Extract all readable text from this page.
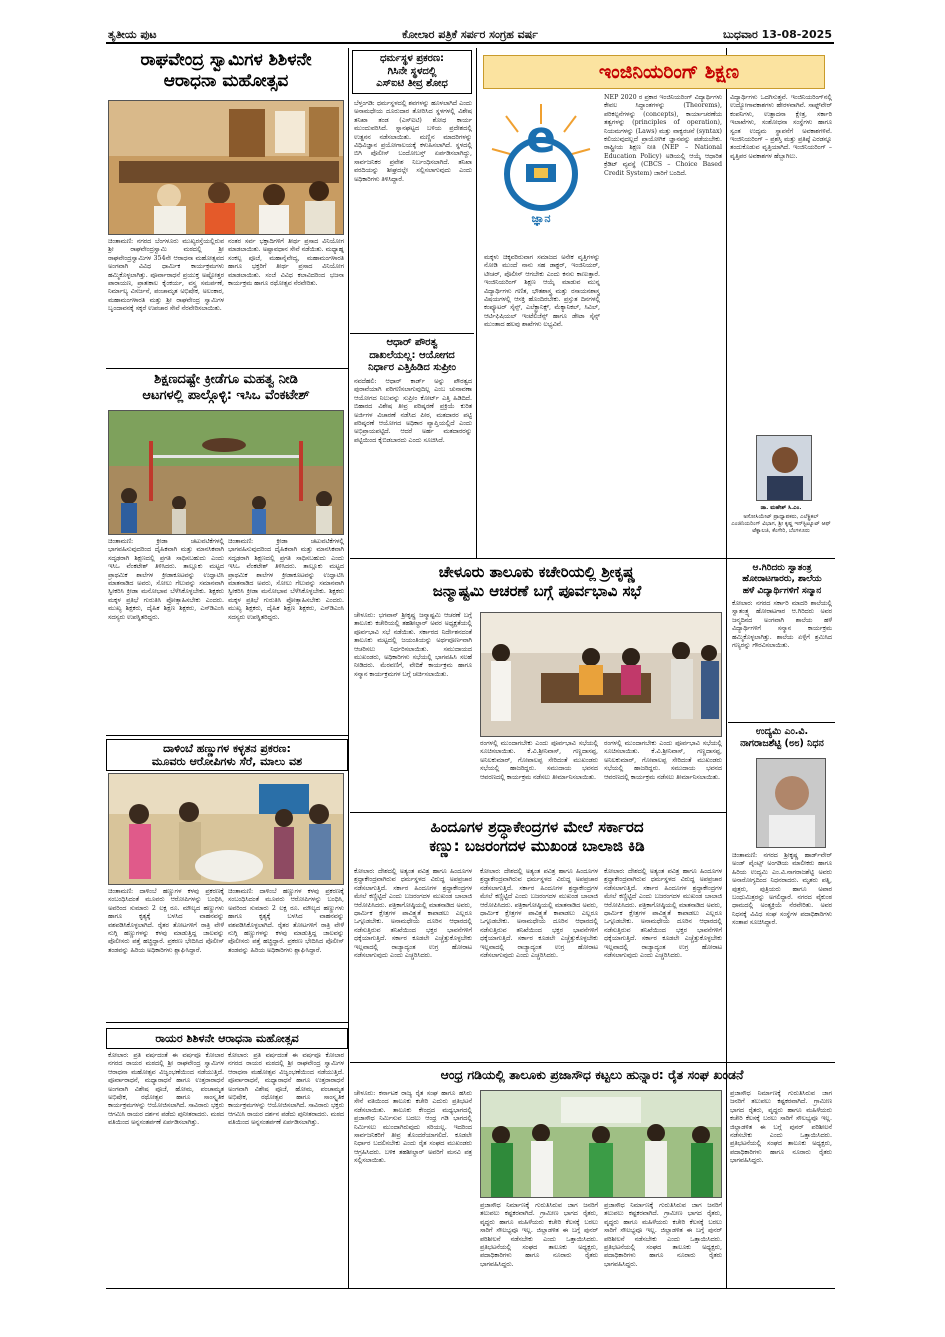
ತೃತೀಯ ಪುಟ	ಕೋಲಾರ ಪತ್ರಿಕೆ ಸರ್ಪರ ಸಂಗ್ರಹ ವರ್ಷ	ಬುಧವಾರ 13-08-2025
ರಾಘವೇಂದ್ರ ಸ್ವಾಮಿಗಳ ಶಿಶಿಳನೇ
ಆರಾಧನಾ ಮಹೋತ್ಸವ
ಚಿಂತಾಮಣಿ: ನಗರದ ಬೆಂಗಳೂರು ಮುಖ್ಯರಸ್ತೆಯಲ್ಲಿರುವ ಶ್ರೀ ರಾಘವೇಂದ್ರಸ್ವಾಮಿ ಮಠದಲ್ಲಿ ಶ್ರೀ ರಾಘವೇಂದ್ರಸ್ವಾಮಿಗಳ 354ನೇ ಆರಾಧನಾ ಮಹೋತ್ಸವದ ಅಂಗವಾಗಿ ವಿವಿಧ ಧಾರ್ಮಿಕ ಕಾರ್ಯಕ್ರಮಗಳು ಹಮ್ಮಿಕೊಳ್ಳಲಾಗಿತ್ತು. ಪೂರ್ವಾರಾಧನೆ ಪ್ರಯುಕ್ತ ಅಷ್ಟೋತ್ತರ ಪಾರಾಯಣ, ಪ್ರಾತಃಕಾಲ ಕೈಂಕರ್ಯ, ವಸ್ತ್ರ ಸಮರ್ಪಣೆ, ನಿರ್ಮಾಲ್ಯ ವಿಸರ್ಜನೆ, ಪಂಚಾಮೃತ ಅಭಿಷೇಕ, ಅಲಂಕಾರ, ಮಹಾಮಂಗಳಾರತಿ ಮತ್ತು ಶ್ರೀ ರಾಘವೇಂದ್ರ ಸ್ವಾಮಿಗಳ ಬೃಂದಾವನಕ್ಕೆ ಸಕ್ಕರೆ ಉಪಚಾರ ಸೇವೆ ನೆರವೇರಿಸಲಾಯಿತು.
ನಂತರ ಸರ್ವ ಭಕ್ತಾದಿಗಳಿಗೆ ತೀರ್ಥ ಪ್ರಸಾದ ವಿನಿಯೋಗ ಮಾಡಲಾಯಿತು. ಅಷ್ಟಾವಧಾನ ಸೇವೆ ನಡೆಯಿತು. ಮಧ್ಯಾಹ್ನ ಸಂಕಲ್ಪ ಪೂಜೆ, ಮಹಾನೈವೇದ್ಯ, ಮಹಾಮಂಗಳಾರತಿ ಹಾಗೂ ಭಕ್ತರಿಗೆ ತೀರ್ಥ ಪ್ರಸಾದ ವಿನಿಯೋಗ ಮಾಡಲಾಯಿತು. ಸಂಜೆ ವಿವಿಧ ಕಲಾವಿದರಿಂದ ಭಜನಾ ಕಾರ್ಯಕ್ರಮ ಹಾಗೂ ರಥೋತ್ಸವ ನೆರವೇರಿತು.
ಶಿಕ್ಷಣದಷ್ಟೇ ಕ್ರೀಡೆಗೂ ಮಹತ್ವ ನೀಡಿ
ಆಟಗಳಲ್ಲಿ ಪಾಲ್ಗೊಳ್ಳಿ: ಇಸಿಒ ವೆಂಕಟೇಶ್
ಚಿಂತಾಮಣಿ: ಕ್ರೀಡಾ ಚಟುವಟಿಕೆಗಳಲ್ಲಿ ಭಾಗವಹಿಸುವುದರಿಂದ ದೈಹಿಕವಾಗಿ ಮತ್ತು ಮಾನಸಿಕವಾಗಿ ಸದೃಢರಾಗಿ ಶಿಕ್ಷಣದಲ್ಲಿ ಪ್ರಗತಿ ಸಾಧಿಸಬಹುದು ಎಂದು ಇಸಿಒ ವೆಂಕಟೇಶ್ ತಿಳಿಸಿದರು. ತಾಲ್ಲೂಕು ಮಟ್ಟದ ಪ್ರಾಥಮಿಕ ಶಾಲೆಗಳ ಕ್ರೀಡಾಕೂಟವನ್ನು ಉದ್ಘಾಟಿಸಿ ಮಾತನಾಡಿದ ಅವರು, ಸೋಲು ಗೆಲುವನ್ನು ಸಮಾನವಾಗಿ ಸ್ವೀಕರಿಸಿ ಕ್ರೀಡಾ ಮನೋಭಾವ ಬೆಳೆಸಿಕೊಳ್ಳಬೇಕು. ಶಿಕ್ಷಕರು ಮಕ್ಕಳ ಪ್ರತಿಭೆ ಗುರುತಿಸಿ ಪ್ರೋತ್ಸಾಹಿಸಬೇಕು ಎಂದರು. ಮುಖ್ಯ ಶಿಕ್ಷಕರು, ದೈಹಿಕ ಶಿಕ್ಷಣ ಶಿಕ್ಷಕರು, ಎಸ್‌ಡಿಎಂಸಿ ಸದಸ್ಯರು ಉಪಸ್ಥಿತರಿದ್ದರು.
ಚಿಂತಾಮಣಿ: ಕ್ರೀಡಾ ಚಟುವಟಿಕೆಗಳಲ್ಲಿ ಭಾಗವಹಿಸುವುದರಿಂದ ದೈಹಿಕವಾಗಿ ಮತ್ತು ಮಾನಸಿಕವಾಗಿ ಸದೃಢರಾಗಿ ಶಿಕ್ಷಣದಲ್ಲಿ ಪ್ರಗತಿ ಸಾಧಿಸಬಹುದು ಎಂದು ಇಸಿಒ ವೆಂಕಟೇಶ್ ತಿಳಿಸಿದರು. ತಾಲ್ಲೂಕು ಮಟ್ಟದ ಪ್ರಾಥಮಿಕ ಶಾಲೆಗಳ ಕ್ರೀಡಾಕೂಟವನ್ನು ಉದ್ಘಾಟಿಸಿ ಮಾತನಾಡಿದ ಅವರು, ಸೋಲು ಗೆಲುವನ್ನು ಸಮಾನವಾಗಿ ಸ್ವೀಕರಿಸಿ ಕ್ರೀಡಾ ಮನೋಭಾವ ಬೆಳೆಸಿಕೊಳ್ಳಬೇಕು. ಶಿಕ್ಷಕರು ಮಕ್ಕಳ ಪ್ರತಿಭೆ ಗುರುತಿಸಿ ಪ್ರೋತ್ಸಾಹಿಸಬೇಕು ಎಂದರು. ಮುಖ್ಯ ಶಿಕ್ಷಕರು, ದೈಹಿಕ ಶಿಕ್ಷಣ ಶಿಕ್ಷಕರು, ಎಸ್‌ಡಿಎಂಸಿ ಸದಸ್ಯರು ಉಪಸ್ಥಿತರಿದ್ದರು.
ದಾಳಿಂಬೆ ಹಣ್ಣುಗಳ ಕಳ್ಳತನ ಪ್ರಕರಣ:
ಮೂವರು ಆರೋಪಿಗಳು ಸೆರೆ, ಮಾಲು ವಶ
ಚಿಂತಾಮಣಿ: ದಾಳಿಂಬೆ ಹಣ್ಣುಗಳ ಕಳವು ಪ್ರಕರಣಕ್ಕೆ ಸಂಬಂಧಿಸಿದಂತೆ ಮೂವರು ಆರೋಪಿಗಳನ್ನು ಬಂಧಿಸಿ, ಅವರಿಂದ ಸುಮಾರು 2 ಲಕ್ಷ ರೂ. ಮೌಲ್ಯದ ಹಣ್ಣುಗಳು ಹಾಗೂ ಕೃತ್ಯಕ್ಕೆ ಬಳಸಿದ ವಾಹನವನ್ನು ವಶಪಡಿಸಿಕೊಳ್ಳಲಾಗಿದೆ. ರೈತರ ತೋಟಗಳಿಗೆ ರಾತ್ರಿ ವೇಳೆ ನುಗ್ಗಿ ಹಣ್ಣುಗಳನ್ನು ಕಳವು ಮಾಡುತ್ತಿದ್ದ ಜಾಲವನ್ನು ಪೊಲೀಸರು ಪತ್ತೆ ಹಚ್ಚಿದ್ದಾರೆ. ಪ್ರಕರಣ ಭೇದಿಸಿದ ಪೊಲೀಸ್ ತಂಡವನ್ನು ಹಿರಿಯ ಅಧಿಕಾರಿಗಳು ಶ್ಲಾಘಿಸಿದ್ದಾರೆ.
ಚಿಂತಾಮಣಿ: ದಾಳಿಂಬೆ ಹಣ್ಣುಗಳ ಕಳವು ಪ್ರಕರಣಕ್ಕೆ ಸಂಬಂಧಿಸಿದಂತೆ ಮೂವರು ಆರೋಪಿಗಳನ್ನು ಬಂಧಿಸಿ, ಅವರಿಂದ ಸುಮಾರು 2 ಲಕ್ಷ ರೂ. ಮೌಲ್ಯದ ಹಣ್ಣುಗಳು ಹಾಗೂ ಕೃತ್ಯಕ್ಕೆ ಬಳಸಿದ ವಾಹನವನ್ನು ವಶಪಡಿಸಿಕೊಳ್ಳಲಾಗಿದೆ. ರೈತರ ತೋಟಗಳಿಗೆ ರಾತ್ರಿ ವೇಳೆ ನುಗ್ಗಿ ಹಣ್ಣುಗಳನ್ನು ಕಳವು ಮಾಡುತ್ತಿದ್ದ ಜಾಲವನ್ನು ಪೊಲೀಸರು ಪತ್ತೆ ಹಚ್ಚಿದ್ದಾರೆ. ಪ್ರಕರಣ ಭೇದಿಸಿದ ಪೊಲೀಸ್ ತಂಡವನ್ನು ಹಿರಿಯ ಅಧಿಕಾರಿಗಳು ಶ್ಲಾಘಿಸಿದ್ದಾರೆ.
ರಾಯರ ಶಿಶಿಳನೇ ಆರಾಧನಾ ಮಹೋತ್ಸವ
ಕೋಲಾರ: ಪ್ರತಿ ವರ್ಷದಂತೆ ಈ ವರ್ಷವೂ ಕೋಲಾರ ನಗರದ ರಾಯರ ಮಠದಲ್ಲಿ ಶ್ರೀ ರಾಘವೇಂದ್ರ ಸ್ವಾಮಿಗಳ ಆರಾಧನಾ ಮಹೋತ್ಸವ ವಿಜೃಂಭಣೆಯಿಂದ ನಡೆಯುತ್ತಿದೆ. ಪೂರ್ವಾರಾಧನೆ, ಮಧ್ಯಾರಾಧನೆ ಹಾಗೂ ಉತ್ತರಾರಾಧನೆ ಅಂಗವಾಗಿ ವಿಶೇಷ ಪೂಜೆ, ಹೋಮ, ಪಂಚಾಮೃತ ಅಭಿಷೇಕ, ರಥೋತ್ಸವ ಹಾಗೂ ಸಾಂಸ್ಕೃತಿಕ ಕಾರ್ಯಕ್ರಮಗಳನ್ನು ಆಯೋಜಿಸಲಾಗಿದೆ. ಸಾವಿರಾರು ಭಕ್ತರು ಆಗಮಿಸಿ ರಾಯರ ದರ್ಶನ ಪಡೆದು ಪುನೀತರಾದರು. ಮಠದ ವತಿಯಿಂದ ಅನ್ನಸಂತರ್ಪಣೆ ಏರ್ಪಡಿಸಲಾಗಿತ್ತು.
ಕೋಲಾರ: ಪ್ರತಿ ವರ್ಷದಂತೆ ಈ ವರ್ಷವೂ ಕೋಲಾರ ನಗರದ ರಾಯರ ಮಠದಲ್ಲಿ ಶ್ರೀ ರಾಘವೇಂದ್ರ ಸ್ವಾಮಿಗಳ ಆರಾಧನಾ ಮಹೋತ್ಸವ ವಿಜೃಂಭಣೆಯಿಂದ ನಡೆಯುತ್ತಿದೆ. ಪೂರ್ವಾರಾಧನೆ, ಮಧ್ಯಾರಾಧನೆ ಹಾಗೂ ಉತ್ತರಾರಾಧನೆ ಅಂಗವಾಗಿ ವಿಶೇಷ ಪೂಜೆ, ಹೋಮ, ಪಂಚಾಮೃತ ಅಭಿಷೇಕ, ರಥೋತ್ಸವ ಹಾಗೂ ಸಾಂಸ್ಕೃತಿಕ ಕಾರ್ಯಕ್ರಮಗಳನ್ನು ಆಯೋಜಿಸಲಾಗಿದೆ. ಸಾವಿರಾರು ಭಕ್ತರು ಆಗಮಿಸಿ ರಾಯರ ದರ್ಶನ ಪಡೆದು ಪುನೀತರಾದರು. ಮಠದ ವತಿಯಿಂದ ಅನ್ನಸಂತರ್ಪಣೆ ಏರ್ಪಡಿಸಲಾಗಿತ್ತು.
ಧರ್ಮಸ್ಥಳ ಪ್ರಕರಣ:
ಗಿಸಿನೇ ಸ್ಥಳದಲ್ಲಿ
ಎಸ್‌ಐಟಿ ತೀವ್ರ ಶೋಧ
ಬೆಳ್ತಂಗಡಿ: ಧರ್ಮಸ್ಥಳದಲ್ಲಿ ಶವಗಳನ್ನು ಹೂಳಲಾಗಿದೆ ಎಂದು ಅನಾಮಧೇಯ ದೂರುದಾರ ತೋರಿಸಿದ ಸ್ಥಳಗಳಲ್ಲಿ ವಿಶೇಷ ತನಿಖಾ ತಂಡ (ಎಸ್‌ಐಟಿ) ಶೋಧ ಕಾರ್ಯ ಮುಂದುವರಿಸಿದೆ. ಸ್ನಾನಘಟ್ಟದ ಬಳಿಯ ಪ್ರದೇಶದಲ್ಲಿ ಉತ್ಖನನ ನಡೆಸಲಾಯಿತು. ಮಣ್ಣಿನ ಮಾದರಿಗಳನ್ನು ವಿಧಿವಿಜ್ಞಾನ ಪ್ರಯೋಗಾಲಯಕ್ಕೆ ಕಳುಹಿಸಲಾಗಿದೆ. ಸ್ಥಳದಲ್ಲಿ ಬಿಗಿ ಪೊಲೀಸ್ ಬಂದೋಬಸ್ತ್ ಏರ್ಪಡಿಸಲಾಗಿದ್ದು, ಸಾರ್ವಜನಿಕರ ಪ್ರವೇಶ ನಿರ್ಬಂಧಿಸಲಾಗಿದೆ. ತನಿಖಾ ವರದಿಯನ್ನು ಶೀಘ್ರದಲ್ಲೇ ಸಲ್ಲಿಸಲಾಗುವುದು ಎಂದು ಅಧಿಕಾರಿಗಳು ತಿಳಿಸಿದ್ದಾರೆ.
ಆಧಾರ್ ಪೌರತ್ವ
ದಾಖಲೆಯಲ್ಲ: ಆಯೋಗದ
ನಿರ್ಧಾರ ಎತ್ತಿಹಿಡಿದ ಸುಪ್ರೀಂ
ನವದೆಹಲಿ: ಆಧಾರ್ ಕಾರ್ಡ್ ಅನ್ನು ಪೌರತ್ವದ ಪುರಾವೆಯಾಗಿ ಪರಿಗಣಿಸಲಾಗುವುದಿಲ್ಲ ಎಂಬ ಚುನಾವಣಾ ಆಯೋಗದ ನಿಲುವನ್ನು ಸುಪ್ರೀಂ ಕೋರ್ಟ್ ಎತ್ತಿ ಹಿಡಿದಿದೆ. ಬಿಹಾರದ ವಿಶೇಷ ತೀವ್ರ ಪರಿಷ್ಕರಣೆ ಪ್ರಕ್ರಿಯೆ ಕುರಿತ ಅರ್ಜಿಗಳ ವಿಚಾರಣೆ ನಡೆಸಿದ ಪೀಠ, ಮತದಾರರ ಪಟ್ಟಿ ಪರಿಷ್ಕರಣೆ ಆಯೋಗದ ಅಧಿಕಾರ ವ್ಯಾಪ್ತಿಯಲ್ಲಿದೆ ಎಂದು ಅಭಿಪ್ರಾಯಪಟ್ಟಿದೆ. ಆದರೆ ಅರ್ಹ ಮತದಾರರನ್ನು ಪಟ್ಟಿಯಿಂದ ಕೈಬಿಡಬಾರದು ಎಂದು ಸೂಚಿಸಿದೆ.
ಇಂಜಿನಿಯರಿಂಗ್ ಶಿಕ್ಷಣ
e
ಜ್ಞಾನ
ಮಕ್ಕಳು ಚಿಕ್ಕವರಿರುವಾಗ ಸಮಾಜದ ಅನೇಕ ವೃತ್ತಿಗಳನ್ನು ನೋಡಿ ಮುಂದೆ ನಾನು ಸಹ ಡಾಕ್ಟರ್, ಇಂಜಿನಿಯರ್, ಟೀಚರ್, ಪೊಲೀಸ್ ಆಗಬೇಕು ಎಂದು ಕನಸು ಕಾಣುತ್ತಾರೆ. ಇಂಜಿನಿಯರಿಂಗ್ ಶಿಕ್ಷಣ ಆಯ್ಕೆ ಮಾಡುವ ಮುನ್ನ ವಿದ್ಯಾರ್ಥಿಗಳು ಗಣಿತ, ಭೌತಶಾಸ್ತ್ರ ಮತ್ತು ರಸಾಯನಶಾಸ್ತ್ರ ವಿಷಯಗಳಲ್ಲಿ ಆಸಕ್ತಿ ಹೊಂದಿರಬೇಕು. ಪ್ರಸ್ತುತ ದಿನಗಳಲ್ಲಿ ಕಂಪ್ಯೂಟರ್ ಸೈನ್ಸ್, ಎಲೆಕ್ಟ್ರಾನಿಕ್ಸ್, ಮೆಕ್ಯಾನಿಕಲ್, ಸಿವಿಲ್, ಆರ್ಟಿಫಿಷಿಯಲ್ ಇಂಟೆಲಿಜೆನ್ಸ್ ಹಾಗೂ ಡೇಟಾ ಸೈನ್ಸ್ ಮುಂತಾದ ಹಲವು ಶಾಖೆಗಳು ಲಭ್ಯವಿವೆ.
NEP 2020 ರ ಪ್ರಕಾರ ಇಂಜಿನಿಯರಿಂಗ್ ವಿದ್ಯಾರ್ಥಿಗಳು ಕೇವಲ ಸಿದ್ಧಾಂತಗಳನ್ನು (Theorems), ಪರಿಕಲ್ಪನೆಗಳನ್ನು (concepts), ಕಾರ್ಯಾಚರಣೆಯ ತತ್ವಗಳನ್ನು (principles of operation), ನಿಯಮಗಳನ್ನು (Laws) ಮತ್ತು ವಾಕ್ಯರಚನೆ (syntax) ಕಲಿಯುವುದಲ್ಲದೆ ಪ್ರಾಯೋಗಿಕ ಜ್ಞಾನವನ್ನು ಪಡೆಯಬೇಕು. ರಾಷ್ಟ್ರೀಯ ಶಿಕ್ಷಣ ನೀತಿ (NEP – National Education Policy) ಅಡಿಯಲ್ಲಿ ಆಯ್ಕೆ ಆಧಾರಿತ ಕ್ರೆಡಿಟ್ ವ್ಯವಸ್ಥೆ (CBCS – Choice Based Credit System) ಜಾರಿಗೆ ಬಂದಿದೆ.
ವಿದ್ಯಾರ್ಥಿಗಳು ಒದಗಿಸುತ್ತವೆ. ಇಂಜಿನಿಯರಿಂಗ್‌ನಲ್ಲಿ ಉದ್ಯೋಗಾವಕಾಶಗಳು ಹೇರಳವಾಗಿವೆ. ಸಾಫ್ಟ್‌ವೇರ್ ಕಂಪನಿಗಳು, ಉತ್ಪಾದನಾ ಕ್ಷೇತ್ರ, ಸರ್ಕಾರಿ ಇಲಾಖೆಗಳು, ಸಂಶೋಧನಾ ಸಂಸ್ಥೆಗಳು ಹಾಗೂ ಸ್ವಂತ ಉದ್ಯಮ ಸ್ಥಾಪನೆಗೆ ಅವಕಾಶಗಳಿವೆ. ಇಂಜಿನಿಯರಿಂಗ್ – ಪ್ರಶಸ್ತಿ ಮತ್ತು ಪ್ರತಿಷ್ಠೆ ಎರಡನ್ನೂ ತಂದುಕೊಡುವ ವೃತ್ತಿಯಾಗಿದೆ. ಇಂಜಿನಿಯರಿಂಗ್ – ವೃತ್ತಿಪರ ಅವಕಾಶಗಳ ಹೆಬ್ಬಾಗಿಲು.
ಡಾ. ಮಹೇಶ್ ಸಿ.ಎಂ.
ಅಸೋಸಿಯೇಟ್ ಪ್ರಾಧ್ಯಾಪಕರು, ಎಲೆಕ್ಟ್ರಿಕಲ್ ಎಂಜಿನಿಯರಿಂಗ್ ವಿಭಾಗ, ಶ್ರೀ ಕೃಷ್ಣ ಇನ್‌ಸ್ಟಿಟ್ಯೂಟ್ ಆಫ್ ಟೆಕ್ನಾಲಜಿ, ಕೆಂಗೇರಿ, ಬೆಂಗಳೂರು
ಚೇಳೂರು ತಾಲೂಕು ಕಚೇರಿಯಲ್ಲಿ ಶ್ರೀಕೃಷ್ಣ
ಜನ್ಮಾಷ್ಟಮಿ ಆಚರಣೆ ಬಗ್ಗೆ ಪೂರ್ವಭಾವಿ ಸಭೆ
ಚೇಳೂರು: ಭಗವಾನ್ ಶ್ರೀಕೃಷ್ಣ ಜನ್ಮಾಷ್ಟಮಿ ಆಚರಣೆ ಬಗ್ಗೆ ತಾಲೂಕು ಕಚೇರಿಯಲ್ಲಿ ತಹಶೀಲ್ದಾರ್ ಅವರ ಅಧ್ಯಕ್ಷತೆಯಲ್ಲಿ ಪೂರ್ವಭಾವಿ ಸಭೆ ನಡೆಯಿತು. ಸರ್ಕಾರದ ನಿರ್ದೇಶನದಂತೆ ತಾಲೂಕು ಮಟ್ಟದಲ್ಲಿ ಜಯಂತಿಯನ್ನು ಅರ್ಥಪೂರ್ಣವಾಗಿ ಆಚರಿಸಲು ನಿರ್ಧರಿಸಲಾಯಿತು. ಸಮುದಾಯದ ಮುಖಂಡರು, ಅಧಿಕಾರಿಗಳು ಸಭೆಯಲ್ಲಿ ಭಾಗವಹಿಸಿ ಸಲಹೆ ನೀಡಿದರು. ಮೆರವಣಿಗೆ, ವೇದಿಕೆ ಕಾರ್ಯಕ್ರಮ ಹಾಗೂ ಸನ್ಮಾನ ಕಾರ್ಯಕ್ರಮಗಳ ಬಗ್ಗೆ ಚರ್ಚಿಸಲಾಯಿತು.
ರಂಗಳಲ್ಲಿ ಮುಂದಾಗಬೇಕು ಎಂದು ಪೂರ್ವಭಾವಿ ಸಭೆಯಲ್ಲಿ ಸೂಚಿಸಲಾಯಿತು. ಕೆ.ವಿ.ಶ್ರೀನಿವಾಸ್, ಗಣ್ಣದಾಸಪ್ಪ, ಅನಿಲಕುಮಾರ್, ಗೋಪಾಲಪ್ಪ ಸೇರಿದಂತೆ ಮುಖಂಡರು ಸಭೆಯಲ್ಲಿ ಹಾಜರಿದ್ದರು. ಸಮುದಾಯ ಭವನದ ಆವರಣದಲ್ಲಿ ಕಾರ್ಯಕ್ರಮ ನಡೆಸಲು ತೀರ್ಮಾನಿಸಲಾಯಿತು.
ರಂಗಳಲ್ಲಿ ಮುಂದಾಗಬೇಕು ಎಂದು ಪೂರ್ವಭಾವಿ ಸಭೆಯಲ್ಲಿ ಸೂಚಿಸಲಾಯಿತು. ಕೆ.ವಿ.ಶ್ರೀನಿವಾಸ್, ಗಣ್ಣದಾಸಪ್ಪ, ಅನಿಲಕುಮಾರ್, ಗೋಪಾಲಪ್ಪ ಸೇರಿದಂತೆ ಮುಖಂಡರು ಸಭೆಯಲ್ಲಿ ಹಾಜರಿದ್ದರು. ಸಮುದಾಯ ಭವನದ ಆವರಣದಲ್ಲಿ ಕಾರ್ಯಕ್ರಮ ನಡೆಸಲು ತೀರ್ಮಾನಿಸಲಾಯಿತು.
ಆ.ಗಿರಿದರು ಸ್ವಾತಂತ್ರ
ಹೋರಾಟಗಾರರು, ಶಾಲೆಯ
ಹಳೆ ವಿದ್ಯಾರ್ಥಿಗಳಿಗೆ ಸನ್ಮಾನ
ಕೋಲಾರ: ನಗರದ ಸರ್ಕಾರಿ ಮಾದರಿ ಶಾಲೆಯಲ್ಲಿ ಸ್ವಾತಂತ್ರ್ಯ ಹೋರಾಟಗಾರ ಆ.ಗಿರಿದರು ಅವರ ಜನ್ಮದಿನದ ಅಂಗವಾಗಿ ಶಾಲೆಯ ಹಳೆ ವಿದ್ಯಾರ್ಥಿಗಳಿಗೆ ಸನ್ಮಾನ ಕಾರ್ಯಕ್ರಮ ಹಮ್ಮಿಕೊಳ್ಳಲಾಗಿತ್ತು. ಶಾಲೆಯ ಏಳ್ಗೆಗೆ ಶ್ರಮಿಸಿದ ಗಣ್ಯರನ್ನು ಗೌರವಿಸಲಾಯಿತು.
ಉದ್ಯಮಿ ಎಂ.ವಿ.
ನಾಗರಾಜಶೆಟ್ಟಿ (೮೮) ನಿಧನ
ಚಿಂತಾಮಣಿ: ನಗರದ ಶ್ರೀಕೃಷ್ಣ ಹಾರ್ಡ್‌ವೇರ್ ಅಂಡ್ ಪೈಂಟ್ಸ್ ಅಂಗಡಿಯ ಮಾಲೀಕರು ಹಾಗೂ ಹಿರಿಯ ಉದ್ಯಮಿ ಎಂ.ವಿ.ನಾಗರಾಜಶೆಟ್ಟಿ ಅವರು ಅನಾರೋಗ್ಯದಿಂದ ನಿಧನರಾದರು. ಮೃತರು ಪತ್ನಿ, ಪುತ್ರರು, ಪುತ್ರಿಯರು ಹಾಗೂ ಅಪಾರ ಬಂಧುಮಿತ್ರರನ್ನು ಅಗಲಿದ್ದಾರೆ. ನಗರದ ವೈಕುಂಠ ಧಾಮದಲ್ಲಿ ಅಂತ್ಯಕ್ರಿಯೆ ನೆರವೇರಿತು. ಅವರ ನಿಧನಕ್ಕೆ ವಿವಿಧ ಸಂಘ ಸಂಸ್ಥೆಗಳ ಪದಾಧಿಕಾರಿಗಳು ಸಂತಾಪ ಸೂಚಿಸಿದ್ದಾರೆ.
ಹಿಂದೂಗಳ ಶ್ರದ್ಧಾಕೇಂದ್ರಗಳ ಮೇಲೆ ಸರ್ಕಾರದ
ಕಣ್ಣು: ಬಜರಂಗದಳ ಮುಖಂಡ ಬಾಲಾಜಿ ಕಿಡಿ
ಕೋಲಾರ: ದೇಶದಲ್ಲಿ ಅತ್ಯಂತ ಪವಿತ್ರ ಹಾಗೂ ಹಿಂದೂಗಳ ಶ್ರದ್ಧಾಕೇಂದ್ರವಾಗಿರುವ ಧರ್ಮಸ್ಥಳದ ವಿರುದ್ಧ ಅಪಪ್ರಚಾರ ನಡೆಸಲಾಗುತ್ತಿದೆ. ಸರ್ಕಾರ ಹಿಂದೂಗಳ ಶ್ರದ್ಧಾಕೇಂದ್ರಗಳ ಮೇಲೆ ಕಣ್ಣಿಟ್ಟಿದೆ ಎಂದು ಬಜರಂಗದಳ ಮುಖಂಡ ಬಾಲಾಜಿ ಆರೋಪಿಸಿದರು. ಪತ್ರಿಕಾಗೋಷ್ಠಿಯಲ್ಲಿ ಮಾತನಾಡಿದ ಅವರು, ಧಾರ್ಮಿಕ ಕ್ಷೇತ್ರಗಳ ಪಾವಿತ್ರ್ಯತೆ ಕಾಪಾಡಲು ಎಲ್ಲರೂ ಒಗ್ಗೂಡಬೇಕು. ಅನಾಮಧೇಯ ದೂರಿನ ಆಧಾರದಲ್ಲಿ ನಡೆಸುತ್ತಿರುವ ತನಿಖೆಯಿಂದ ಭಕ್ತರ ಭಾವನೆಗಳಿಗೆ ಧಕ್ಕೆಯಾಗುತ್ತಿದೆ. ಸರ್ಕಾರ ಕೂಡಲೇ ಎಚ್ಚೆತ್ತುಕೊಳ್ಳಬೇಕು ಇಲ್ಲವಾದಲ್ಲಿ ರಾಜ್ಯಾದ್ಯಂತ ಉಗ್ರ ಹೋರಾಟ ನಡೆಸಲಾಗುವುದು ಎಂದು ಎಚ್ಚರಿಸಿದರು.
ಕೋಲಾರ: ದೇಶದಲ್ಲಿ ಅತ್ಯಂತ ಪವಿತ್ರ ಹಾಗೂ ಹಿಂದೂಗಳ ಶ್ರದ್ಧಾಕೇಂದ್ರವಾಗಿರುವ ಧರ್ಮಸ್ಥಳದ ವಿರುದ್ಧ ಅಪಪ್ರಚಾರ ನಡೆಸಲಾಗುತ್ತಿದೆ. ಸರ್ಕಾರ ಹಿಂದೂಗಳ ಶ್ರದ್ಧಾಕೇಂದ್ರಗಳ ಮೇಲೆ ಕಣ್ಣಿಟ್ಟಿದೆ ಎಂದು ಬಜರಂಗದಳ ಮುಖಂಡ ಬಾಲಾಜಿ ಆರೋಪಿಸಿದರು. ಪತ್ರಿಕಾಗೋಷ್ಠಿಯಲ್ಲಿ ಮಾತನಾಡಿದ ಅವರು, ಧಾರ್ಮಿಕ ಕ್ಷೇತ್ರಗಳ ಪಾವಿತ್ರ್ಯತೆ ಕಾಪಾಡಲು ಎಲ್ಲರೂ ಒಗ್ಗೂಡಬೇಕು. ಅನಾಮಧೇಯ ದೂರಿನ ಆಧಾರದಲ್ಲಿ ನಡೆಸುತ್ತಿರುವ ತನಿಖೆಯಿಂದ ಭಕ್ತರ ಭಾವನೆಗಳಿಗೆ ಧಕ್ಕೆಯಾಗುತ್ತಿದೆ. ಸರ್ಕಾರ ಕೂಡಲೇ ಎಚ್ಚೆತ್ತುಕೊಳ್ಳಬೇಕು ಇಲ್ಲವಾದಲ್ಲಿ ರಾಜ್ಯಾದ್ಯಂತ ಉಗ್ರ ಹೋರಾಟ ನಡೆಸಲಾಗುವುದು ಎಂದು ಎಚ್ಚರಿಸಿದರು.
ಕೋಲಾರ: ದೇಶದಲ್ಲಿ ಅತ್ಯಂತ ಪವಿತ್ರ ಹಾಗೂ ಹಿಂದೂಗಳ ಶ್ರದ್ಧಾಕೇಂದ್ರವಾಗಿರುವ ಧರ್ಮಸ್ಥಳದ ವಿರುದ್ಧ ಅಪಪ್ರಚಾರ ನಡೆಸಲಾಗುತ್ತಿದೆ. ಸರ್ಕಾರ ಹಿಂದೂಗಳ ಶ್ರದ್ಧಾಕೇಂದ್ರಗಳ ಮೇಲೆ ಕಣ್ಣಿಟ್ಟಿದೆ ಎಂದು ಬಜರಂಗದಳ ಮುಖಂಡ ಬಾಲಾಜಿ ಆರೋಪಿಸಿದರು. ಪತ್ರಿಕಾಗೋಷ್ಠಿಯಲ್ಲಿ ಮಾತನಾಡಿದ ಅವರು, ಧಾರ್ಮಿಕ ಕ್ಷೇತ್ರಗಳ ಪಾವಿತ್ರ್ಯತೆ ಕಾಪಾಡಲು ಎಲ್ಲರೂ ಒಗ್ಗೂಡಬೇಕು. ಅನಾಮಧೇಯ ದೂರಿನ ಆಧಾರದಲ್ಲಿ ನಡೆಸುತ್ತಿರುವ ತನಿಖೆಯಿಂದ ಭಕ್ತರ ಭಾವನೆಗಳಿಗೆ ಧಕ್ಕೆಯಾಗುತ್ತಿದೆ. ಸರ್ಕಾರ ಕೂಡಲೇ ಎಚ್ಚೆತ್ತುಕೊಳ್ಳಬೇಕು ಇಲ್ಲವಾದಲ್ಲಿ ರಾಜ್ಯಾದ್ಯಂತ ಉಗ್ರ ಹೋರಾಟ ನಡೆಸಲಾಗುವುದು ಎಂದು ಎಚ್ಚರಿಸಿದರು.
ಆಂಧ್ರ ಗಡಿಯಲ್ಲಿ ತಾಲೂಕು ಪ್ರಜಾಸೌಧ ಕಟ್ಟಲು ಹುನ್ನಾರ: ರೈತ ಸಂಘ ಖಂಡನೆ
ಚೇಳೂರು: ಕರ್ನಾಟಕ ರಾಜ್ಯ ರೈತ ಸಂಘ ಹಾಗೂ ಹಸಿರು ಸೇನೆ ವತಿಯಿಂದ ತಾಲೂಕು ಕಚೇರಿ ಎದುರು ಪ್ರತಿಭಟನೆ ನಡೆಸಲಾಯಿತು. ತಾಲೂಕು ಕೇಂದ್ರದ ಮಧ್ಯಭಾಗದಲ್ಲಿ ಪ್ರಜಾಸೌಧ ನಿರ್ಮಿಸುವ ಬದಲು ಆಂಧ್ರ ಗಡಿ ಭಾಗದಲ್ಲಿ ನಿರ್ಮಿಸಲು ಮುಂದಾಗಿರುವುದು ಸರಿಯಲ್ಲ. ಇದರಿಂದ ಸಾರ್ವಜನಿಕರಿಗೆ ತೀವ್ರ ತೊಂದರೆಯಾಗಲಿದೆ. ಕೂಡಲೇ ನಿರ್ಧಾರ ಬದಲಿಸಬೇಕು ಎಂದು ರೈತ ಸಂಘದ ಮುಖಂಡರು ಆಗ್ರಹಿಸಿದರು. ಬಳಿಕ ತಹಶೀಲ್ದಾರ್ ಅವರಿಗೆ ಮನವಿ ಪತ್ರ ಸಲ್ಲಿಸಲಾಯಿತು.
ಪ್ರಜಾಸೌಧ ನಿರ್ಮಾಣಕ್ಕೆ ಗುರುತಿಸಿರುವ ಜಾಗ ಜನರಿಗೆ ತಲುಪಲು ಕಷ್ಟಕರವಾಗಿದೆ. ಗ್ರಾಮೀಣ ಭಾಗದ ರೈತರು, ವೃದ್ಧರು ಹಾಗೂ ಮಹಿಳೆಯರು ಕಚೇರಿ ಕೆಲಸಕ್ಕೆ ಬರಲು ಸಾರಿಗೆ ಸೌಲಭ್ಯವೂ ಇಲ್ಲ. ಜಿಲ್ಲಾಡಳಿತ ಈ ಬಗ್ಗೆ ಪುನರ್ ಪರಿಶೀಲನೆ ನಡೆಸಬೇಕು ಎಂದು ಒತ್ತಾಯಿಸಿದರು. ಪ್ರತಿಭಟನೆಯಲ್ಲಿ ಸಂಘದ ತಾಲೂಕು ಅಧ್ಯಕ್ಷರು, ಪದಾಧಿಕಾರಿಗಳು ಹಾಗೂ ನೂರಾರು ರೈತರು ಭಾಗವಹಿಸಿದ್ದರು.
ಪ್ರಜಾಸೌಧ ನಿರ್ಮಾಣಕ್ಕೆ ಗುರುತಿಸಿರುವ ಜಾಗ ಜನರಿಗೆ ತಲುಪಲು ಕಷ್ಟಕರವಾಗಿದೆ. ಗ್ರಾಮೀಣ ಭಾಗದ ರೈತರು, ವೃದ್ಧರು ಹಾಗೂ ಮಹಿಳೆಯರು ಕಚೇರಿ ಕೆಲಸಕ್ಕೆ ಬರಲು ಸಾರಿಗೆ ಸೌಲಭ್ಯವೂ ಇಲ್ಲ. ಜಿಲ್ಲಾಡಳಿತ ಈ ಬಗ್ಗೆ ಪುನರ್ ಪರಿಶೀಲನೆ ನಡೆಸಬೇಕು ಎಂದು ಒತ್ತಾಯಿಸಿದರು. ಪ್ರತಿಭಟನೆಯಲ್ಲಿ ಸಂಘದ ತಾಲೂಕು ಅಧ್ಯಕ್ಷರು, ಪದಾಧಿಕಾರಿಗಳು ಹಾಗೂ ನೂರಾರು ರೈತರು ಭಾಗವಹಿಸಿದ್ದರು.
ಪ್ರಜಾಸೌಧ ನಿರ್ಮಾಣಕ್ಕೆ ಗುರುತಿಸಿರುವ ಜಾಗ ಜನರಿಗೆ ತಲುಪಲು ಕಷ್ಟಕರವಾಗಿದೆ. ಗ್ರಾಮೀಣ ಭಾಗದ ರೈತರು, ವೃದ್ಧರು ಹಾಗೂ ಮಹಿಳೆಯರು ಕಚೇರಿ ಕೆಲಸಕ್ಕೆ ಬರಲು ಸಾರಿಗೆ ಸೌಲಭ್ಯವೂ ಇಲ್ಲ. ಜಿಲ್ಲಾಡಳಿತ ಈ ಬಗ್ಗೆ ಪುನರ್ ಪರಿಶೀಲನೆ ನಡೆಸಬೇಕು ಎಂದು ಒತ್ತಾಯಿಸಿದರು. ಪ್ರತಿಭಟನೆಯಲ್ಲಿ ಸಂಘದ ತಾಲೂಕು ಅಧ್ಯಕ್ಷರು, ಪದಾಧಿಕಾರಿಗಳು ಹಾಗೂ ನೂರಾರು ರೈತರು ಭಾಗವಹಿಸಿದ್ದರು.
